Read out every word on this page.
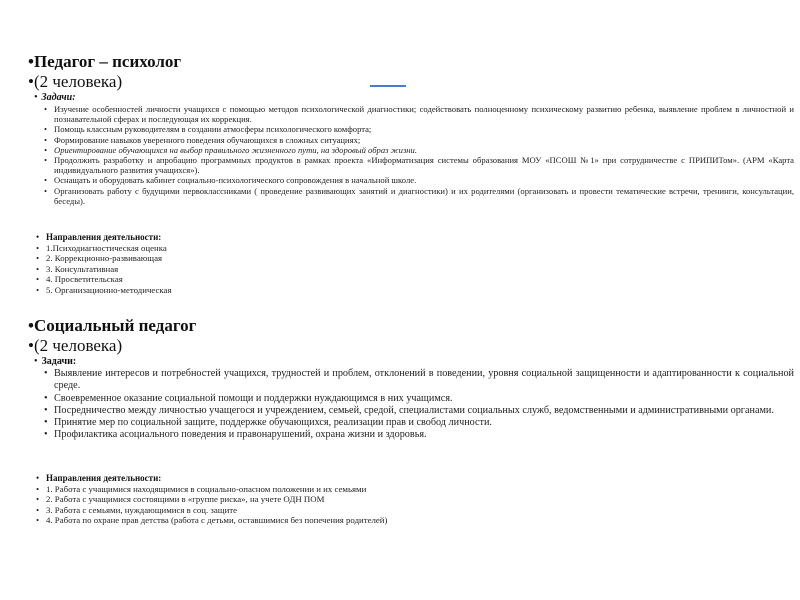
• Педагог – психолог
• (2 человека)
• Задачи:
• Изучение особенностей личности учащихся с помощью методов психологической диагностики; содействовать полноценному психическому развитию ребенка, выявление проблем в личностной и познавательной сферах и последующая их коррекция.
• Помощь классным руководителям в создании атмосферы психологического комфорта;
• Формирование навыков уверенного поведения обучающихся в сложных ситуациях;
• Ориентирование обучающихся на выбор правильного жизненного пути, на здоровый образ жизни.
• Продолжить разработку и апробацию программных продуктов в рамках проекта «Информатизация системы образования МОУ «ПСОШ №1» при сотрудничестве с ПРИПИТом». (АРМ «Карта индивидуального развития учащихся»).
• Оснащать и оборудовать кабинет социально-психологического сопровождения в начальной школе.
• Организовать работу с будущими первоклассниками ( проведение развивающих занятий и диагностики) и их родителями (организовать и провести тематические встречи, тренинги, консультации, беседы).
• Направления деятельности:
• 1.Психодиагностическая оценка
• 2. Коррекционно-развивающая
• 3. Консультативная
• 4. Просветительская
• 5. Организационно-методическая
• Социальный педагог
• (2 человека)
• Задачи:
• Выявление интересов и потребностей учащихся, трудностей и проблем, отклонений в поведении, уровня социальной защищенности и адаптированности к социальной среде.
• Своевременное оказание социальной помощи и поддержки нуждающимся в них учащимся.
• Посредничество между личностью учащегося и учреждением, семьей, средой, специалистами социальных служб, ведомственными и административными органами.
• Принятие мер по социальной защите, поддержке обучающихся, реализации прав и свобод личности.
• Профилактика асоциального поведения и правонарушений, охрана жизни и здоровья.
• Направления деятельности:
• 1. Работа с учащимися находящимися в социально-опасном положении и их семьями
• 2. Работа с учащимися состоящими в «группе риска», на учете ОДН ПОМ
• 3. Работа с семьями, нуждающимися в соц. защите
• 4. Работа по охране прав детства (работа с детьми, оставшимися без попечения родителей)
